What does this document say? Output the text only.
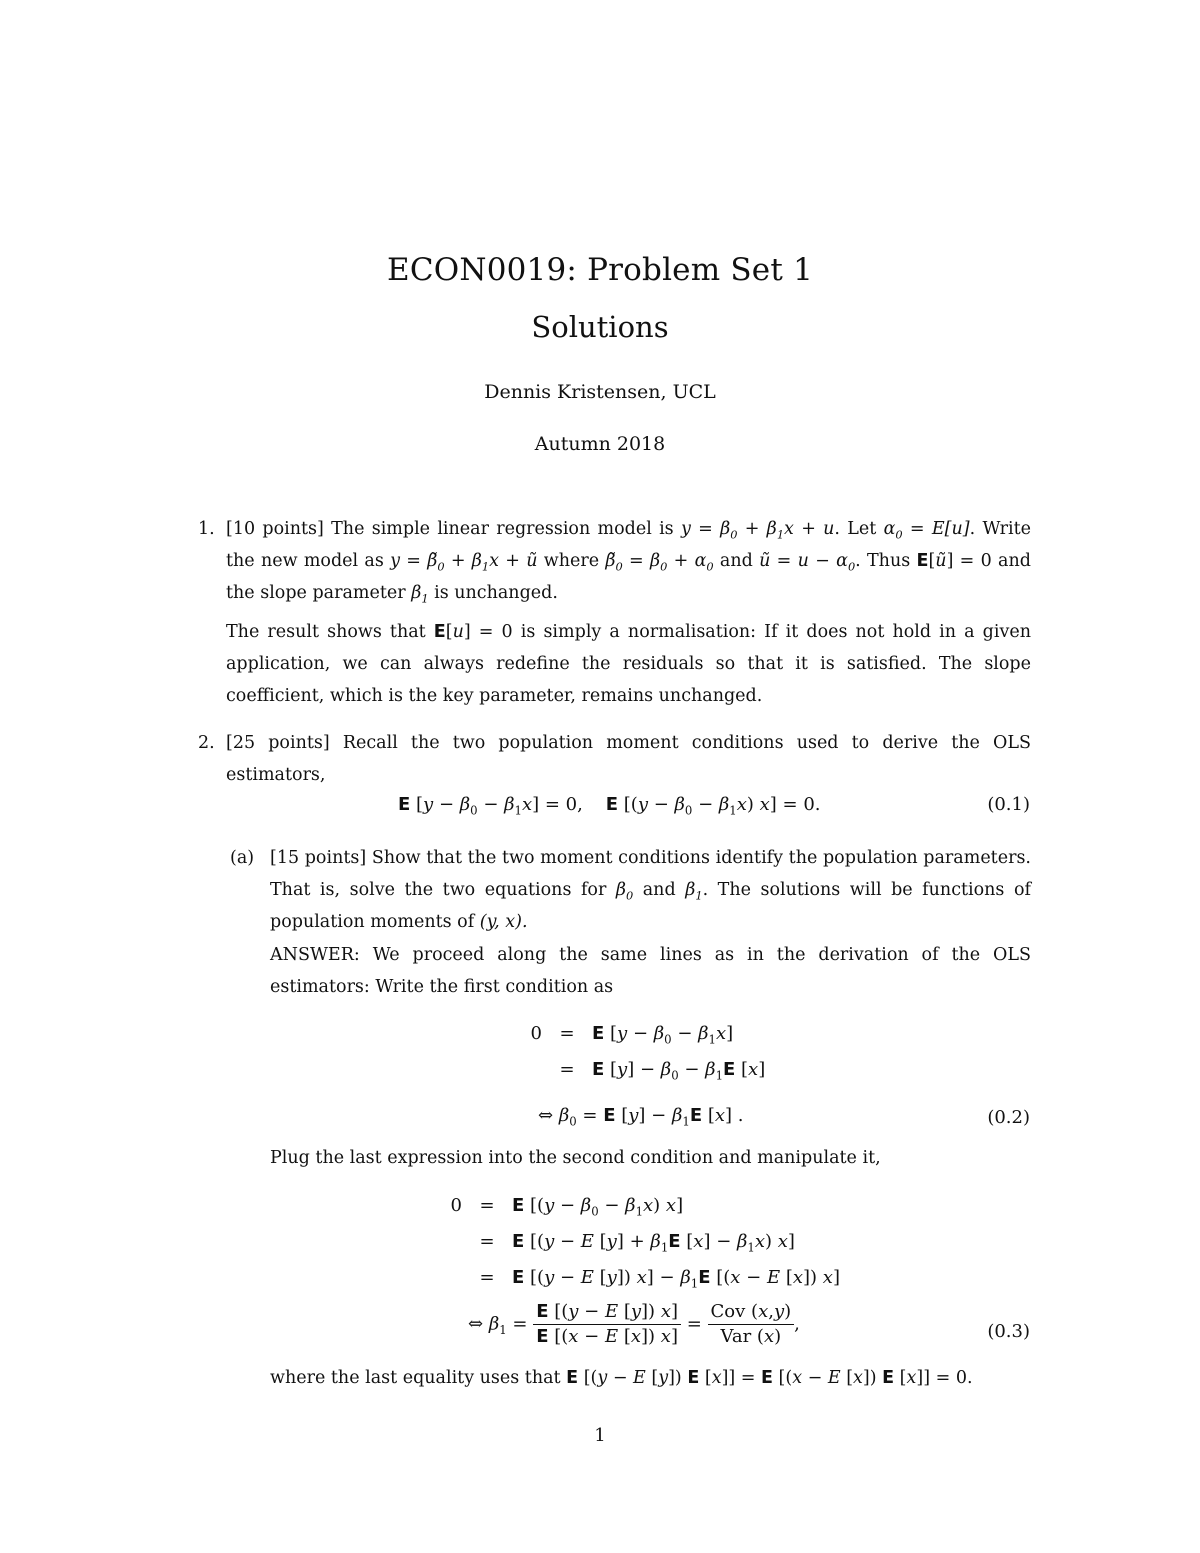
ECON0019: Problem Set 1
Solutions
Dennis Kristensen, UCL
Autumn 2018
1. [10 points] The simple linear regression model is $y = \beta_0 + \beta_1x + u$. Let $\alpha_0 = E[u]$. Write the new model as $y = \betã_0 + \beta_1x$ + ũ where $\betã_0 = \beta_0 + \alpha_0$ and ũ = $u - \alpha_0$. Thus E[ũ] = 0 and the slope parameter $\beta_1$ is unchanged.
The result shows that E[u] = 0 is simply a normalisation: If it does not hold in a given application, we can always redefine the residuals so that it is satisfied. The slope coefficient, which is the key parameter, remains unchanged.
2. [25 points] Recall the two population moment conditions used to derive the OLS estimators,
E $[y - \beta_0 - \beta_1x] = 0$,    E [$(y - \beta_0 - \beta_1x)$ x] = 0.	(0.1)
(a) [15 points] Show that the two moment conditions identify the population parameters. That is, solve the two equations for $\beta_0$ and $\beta_1$. The solutions will be functions of population moments of (y, x).
ANSWER: We proceed along the same lines as in the derivation of the OLS estimators: Write the first condition as
0 = E $[y - \beta_0 - \beta_1x]$
= E $[y] - \beta_0 - \beta_1E$ [x]
⇔ $\beta_0 = E$ $[y] - \beta_1E$ [x] .	(0.2)
Plug the last expression into the second condition and manipulate it,
0 = E [$(y - \beta_0 - \beta_1x)$ x]
= E [(y − E $[y] + \beta_1E$ $[x] - \beta_1x$) x]
= E [(y − E [y]) $x] - \beta_1E$ [(x − E [x]) x]
⇔ $\beta_1 = \frac{E [(y - E [y]) x]}{E [(x - E [x]) x]} = \frac{\text{Cov (x,y)}}{\text{Var (x)}}$ ,	(0.3)
where the last equality uses that E [(y − E [y]) E [x]] = E [(x − E [x]) E [x]] = 0.
1
